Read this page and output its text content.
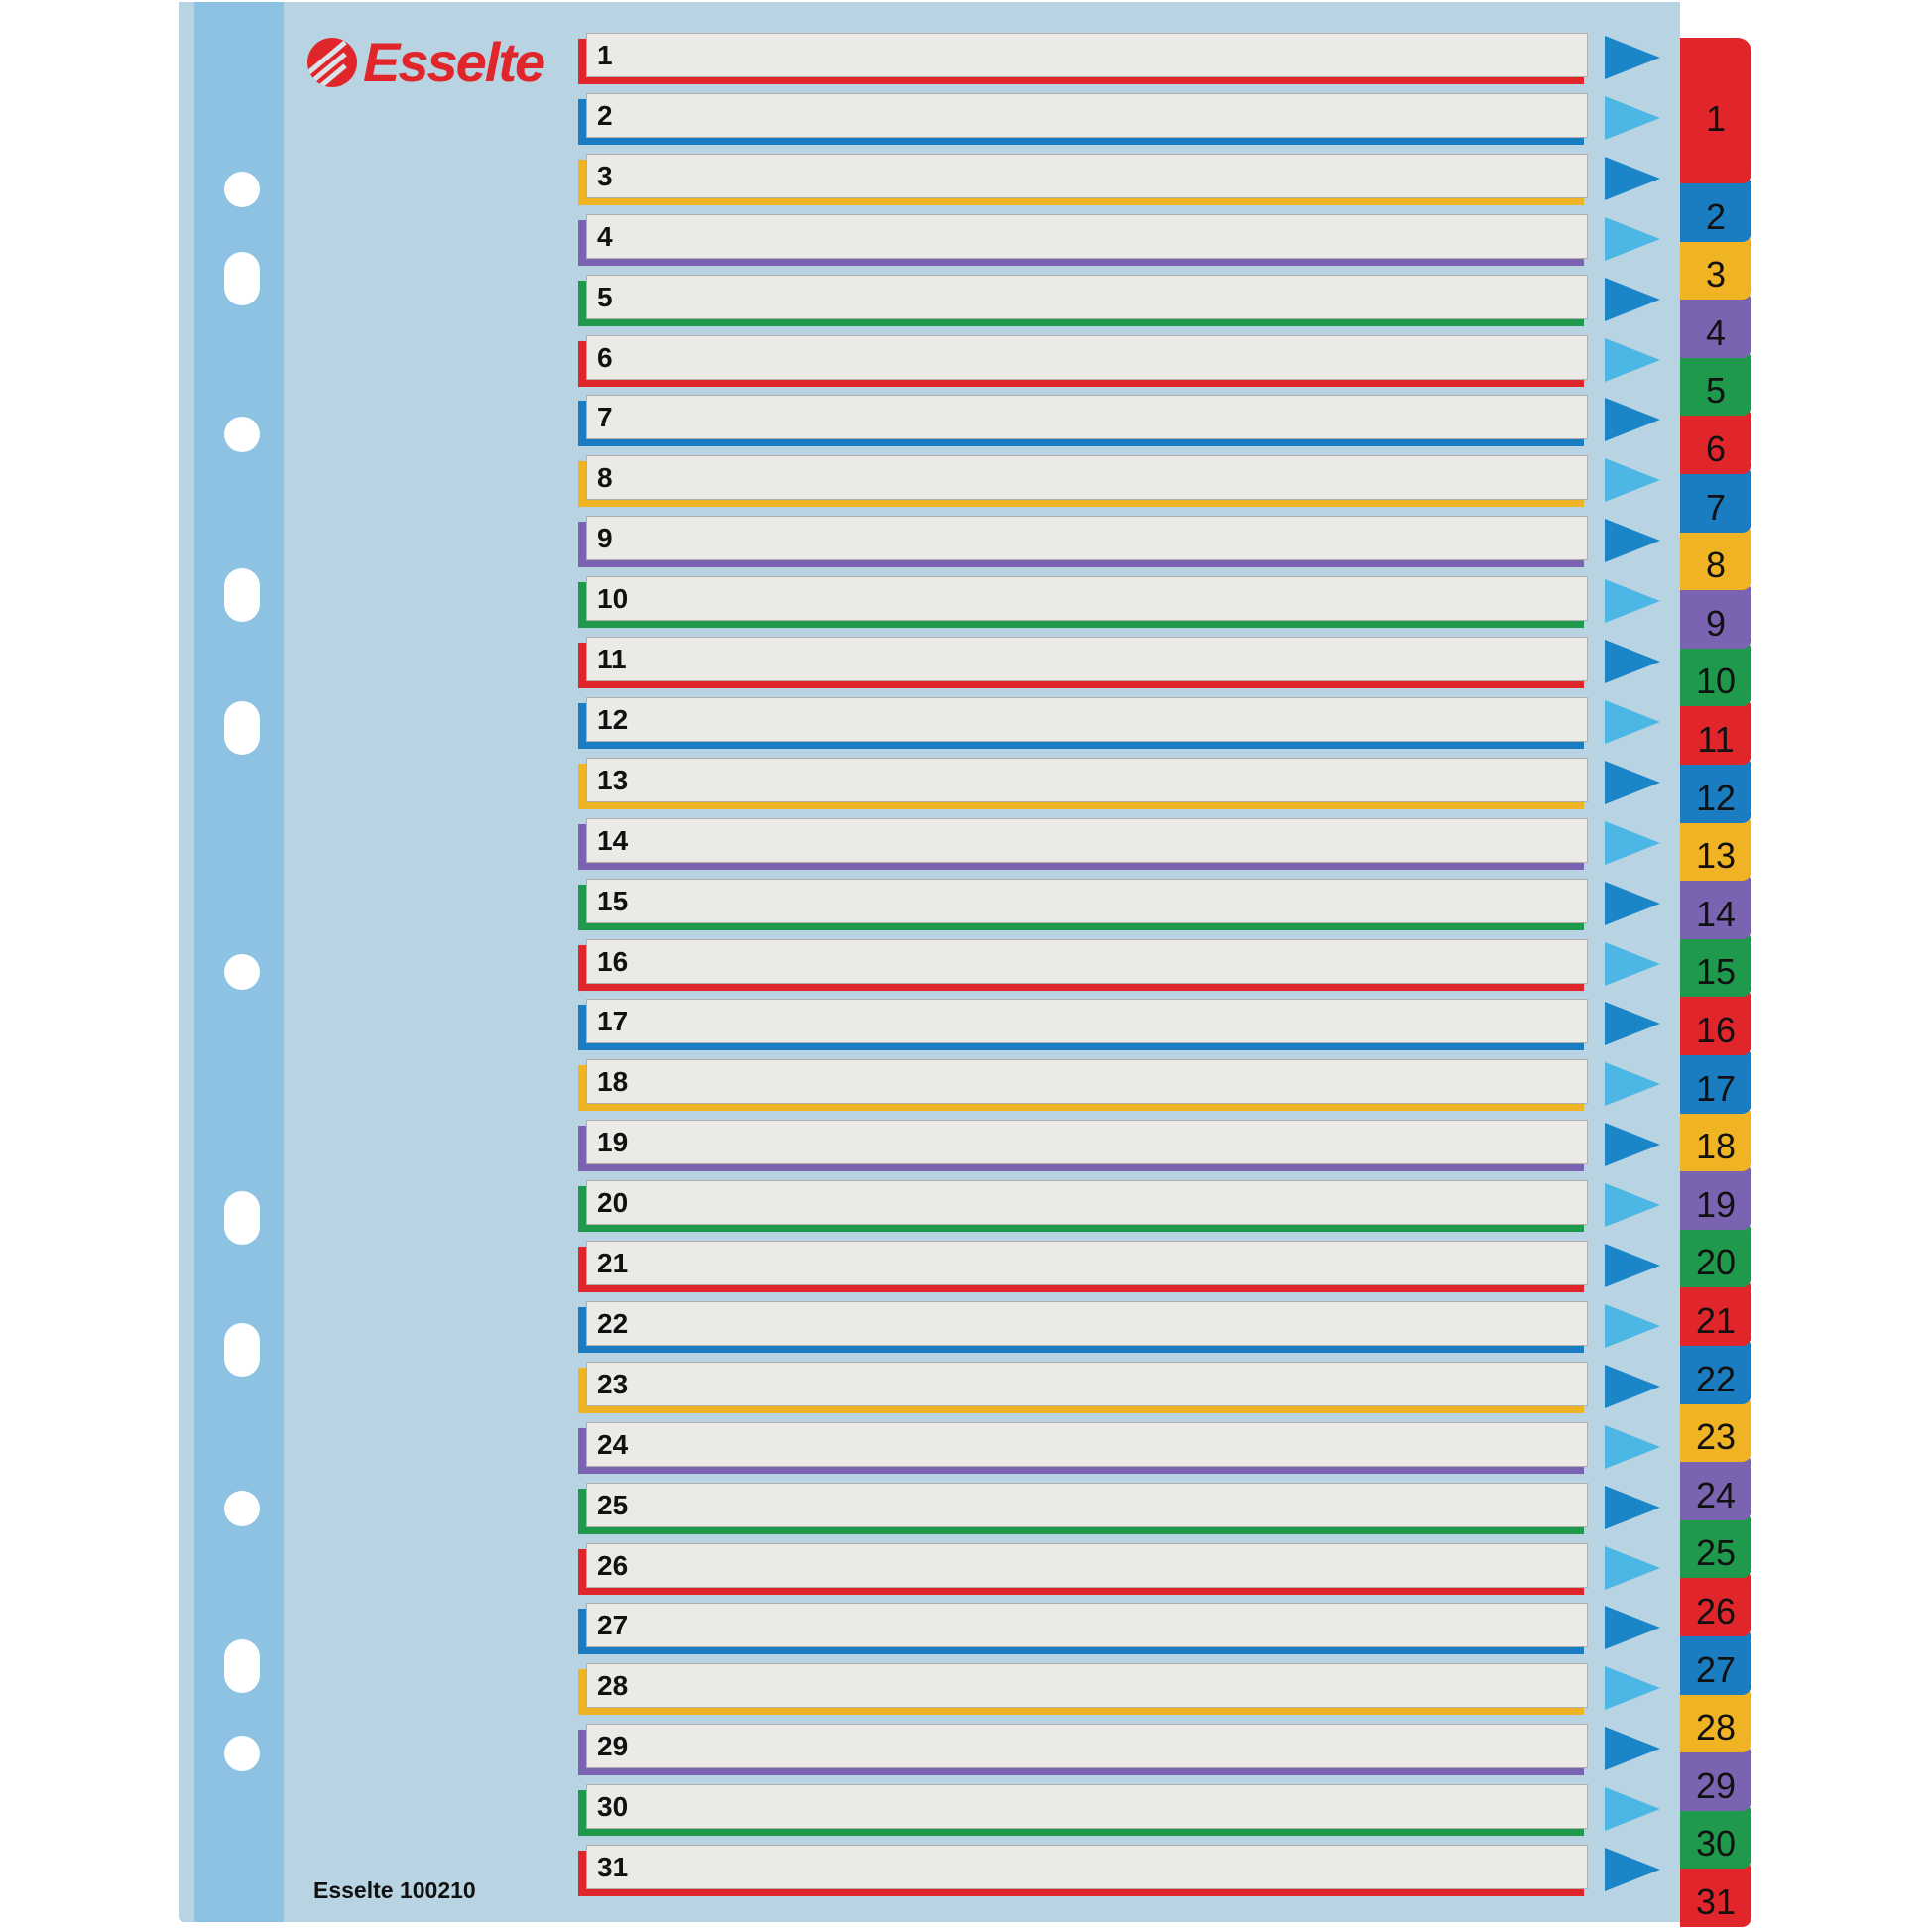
Esselte 1
2
3
4
5
6
7
8
9
10
11
12
13
14
15
16
17
18
19
20
21
22
23
24
25
26
27
28
29
30
31
1
2
3
4
5
6
7
8
9
10
11
12
13
14
15
16
17
18
19
20
21
22
23
24
25
26
27
28
29
30
31
Esselte 100210
